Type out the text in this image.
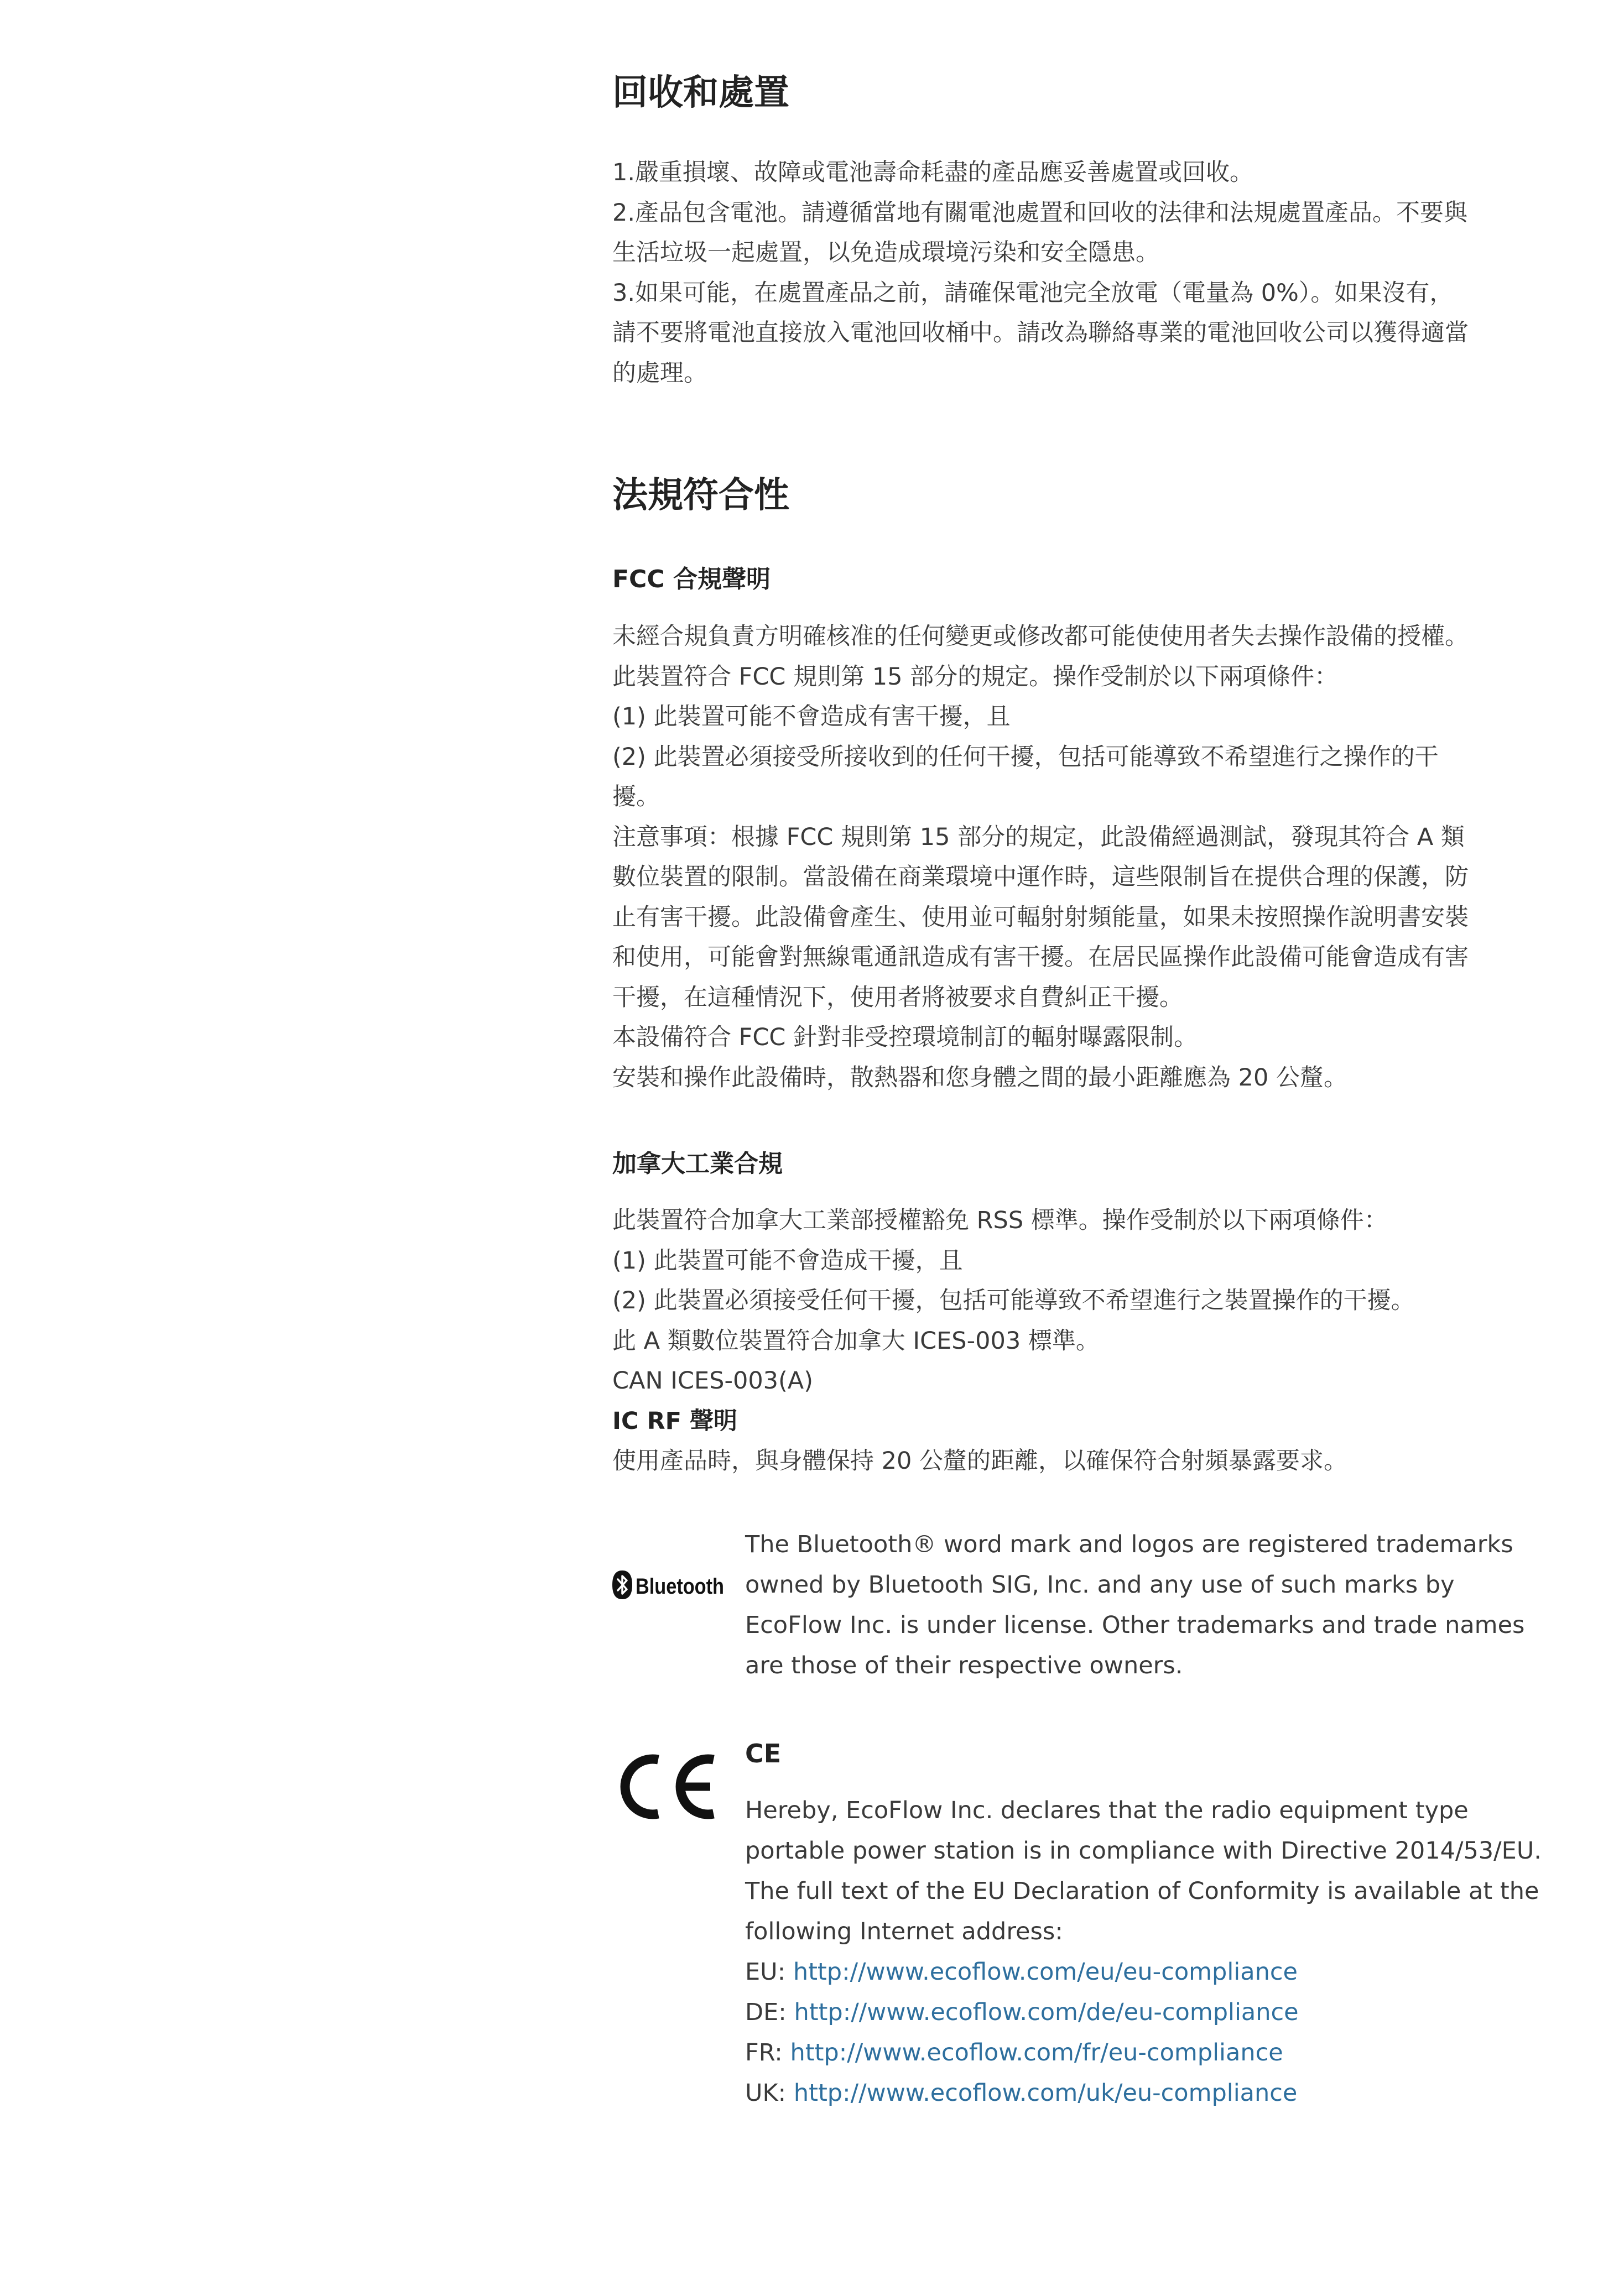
回收和處置

1.嚴重損壞、故障或電池壽命耗盡的產品應妥善處置或回收。

2.產品包含電池。請遵循當地有關電池處置和回收的法律和法規處置產品。不要與

生活垃圾一起處置，以免造成環境污染和安全隱患。

3.如果可能，在處置產品之前，請確保電池完全放電（電量為 0%）。如果沒有，

請不要將電池直接放入電池回收桶中。請改為聯絡專業的電池回收公司以獲得適當

的處理。

法規符合性
FCC 合規聲明

未經合規負責方明確核准的任何變更或修改都可能使使用者失去操作設備的授權。

此裝置符合 FCC 規則第 15 部分的規定。操作受制於以下兩項條件：

(1) 此裝置可能不會造成有害干擾，且

(2) 此裝置必須接受所接收到的任何干擾，包括可能導致不希望進行之操作的干

擾。

注意事項：根據 FCC 規則第 15 部分的規定，此設備經過測試，發現其符合 A 類

數位裝置的限制。當設備在商業環境中運作時，這些限制旨在提供合理的保護，防

止有害干擾。此設備會產生、使用並可輻射射頻能量，如果未按照操作說明書安裝

和使用，可能會對無線電通訊造成有害干擾。在居民區操作此設備可能會造成有害

干擾，在這種情況下，使用者將被要求自費糾正干擾。

本設備符合 FCC 針對非受控環境制訂的輻射曝露限制。

安裝和操作此設備時，散熱器和您身體之間的最小距離應為 20 公釐。

加拿大工業合規

此裝置符合加拿大工業部授權豁免 RSS 標準。操作受制於以下兩項條件：

(1) 此裝置可能不會造成干擾，且

(2) 此裝置必須接受任何干擾，包括可能導致不希望進行之裝置操作的干擾。

此 A 類數位裝置符合加拿大 ICES-003 標準。

CAN ICES-003(A)

IC RF 聲明

使用產品時，與身體保持 20 公釐的距離，以確保符合射頻暴露要求。

Bluetooth

The Bluetooth® word mark and logos are registered trademarks

owned by Bluetooth SIG, Inc. and any use of such marks by

EcoFlow Inc. is under license. Other trademarks and trade names

are those of their respective owners.

CE

Hereby, EcoFlow Inc. declares that the radio equipment type

portable power station is in compliance with Directive 2014/53/EU.

The full text of the EU Declaration of Conformity is available at the

following Internet address:

EU: http://www.ecoflow.com/eu/eu-compliance

DE: http://www.ecoflow.com/de/eu-compliance

FR: http://www.ecoflow.com/fr/eu-compliance

UK: http://www.ecoflow.com/uk/eu-compliance
